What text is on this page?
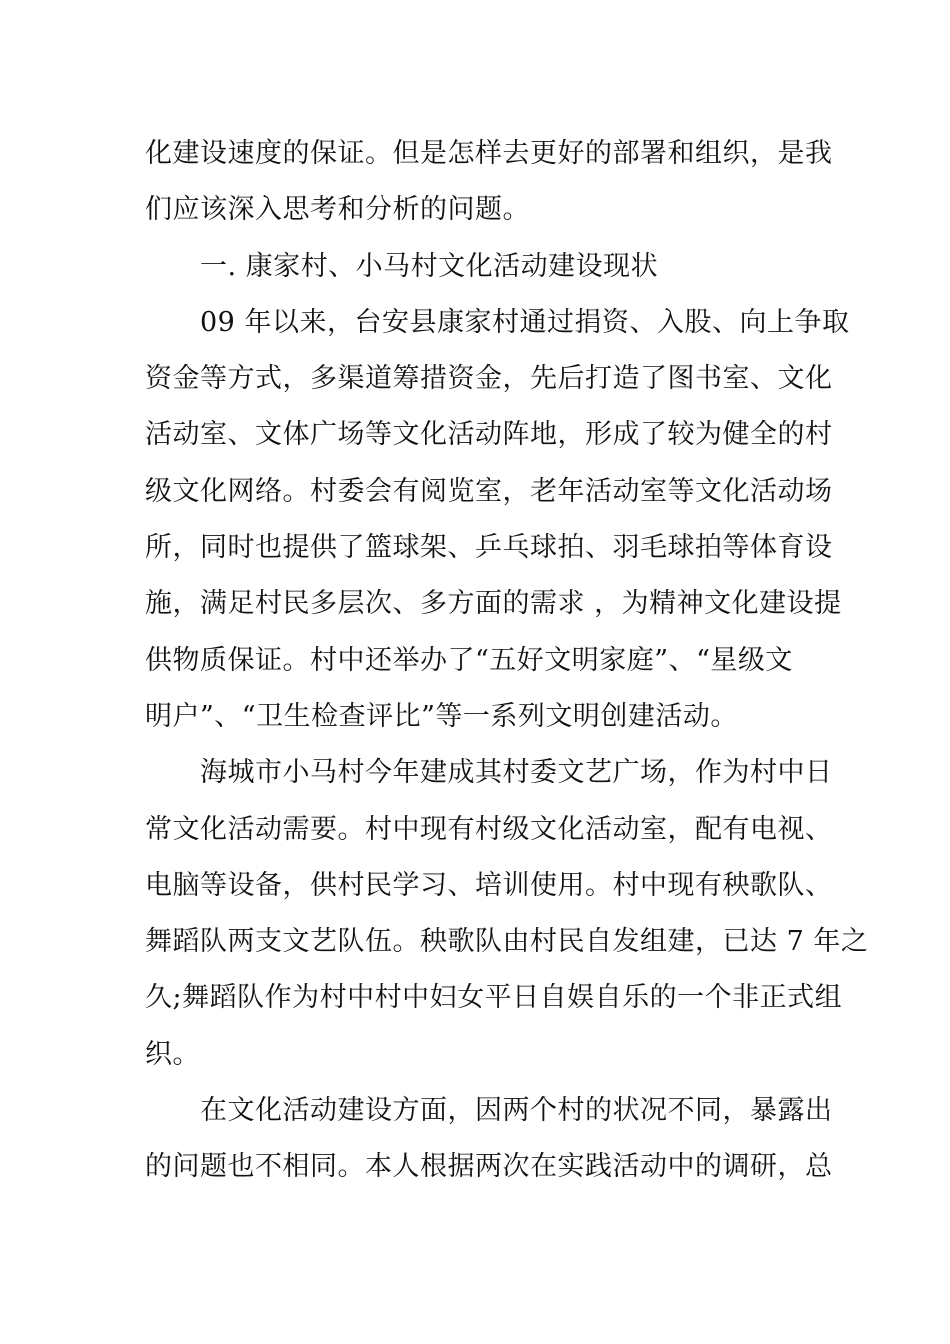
化建设速度的保证。但是怎样去更好的部署和组织，是我

们应该深入思考和分析的问题。

　　一. 康家村、小马村文化活动建设现状

　　09 年以来，台安县康家村通过捐资、入股、向上争取

资金等方式，多渠道筹措资金，先后打造了图书室、文化

活动室、文体广场等文化活动阵地，形成了较为健全的村

级文化网络。村委会有阅览室，老年活动室等文化活动场

所，同时也提供了篮球架、乒乓球拍、羽毛球拍等体育设

施，满足村民多层次、多方面的需求 ，为精神文化建设提

供物质保证。村中还举办了“五好文明家庭”、“星级文

明户”、“卫生检查评比”等一系列文明创建活动。

　　海城市小马村今年建成其村委文艺广场，作为村中日

常文化活动需要。村中现有村级文化活动室，配有电视、

电脑等设备，供村民学习、培训使用。村中现有秧歌队、

舞蹈队两支文艺队伍。秧歌队由村民自发组建，已达 7 年之

久;舞蹈队作为村中村中妇女平日自娱自乐的一个非正式组

织。

　　在文化活动建设方面，因两个村的状况不同，暴露出

的问题也不相同。本人根据两次在实践活动中的调研，总
